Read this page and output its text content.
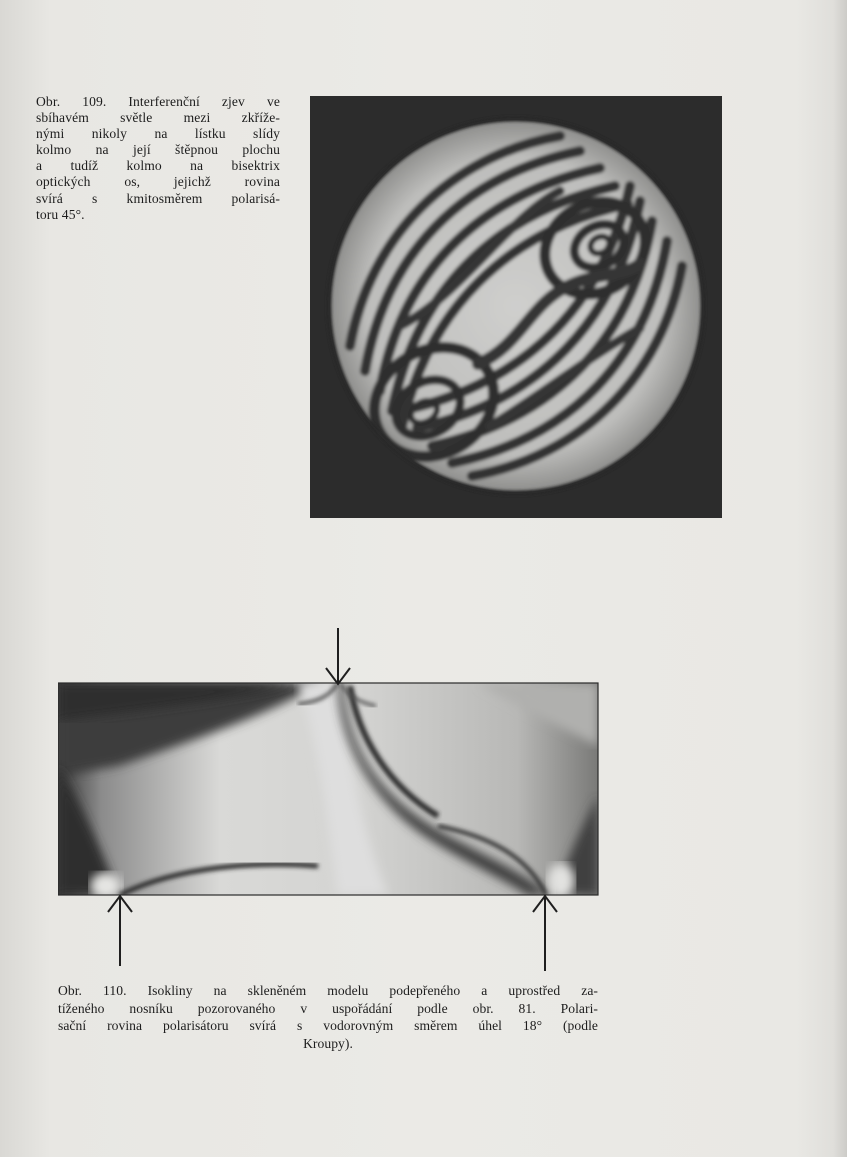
Obr. 109. Interferenční zjev ve
sbíhavém světle mezi zkříže-
nými nikoly na lístku slídy
kolmo na její štěpnou plochu
a tudíž kolmo na bisektrix
optických os, jejichž rovina
svírá s kmitosměrem polarisá-
toru 45°.
Obr. 110. Isokliny na skleněném modelu podepřeného a uprostřed za-
tíženého nosníku pozorovaného v uspořádání podle obr. 81. Polari-
sační rovina polarisátoru svírá s vodorovným směrem úhel 18° (podle
Kroupy).
